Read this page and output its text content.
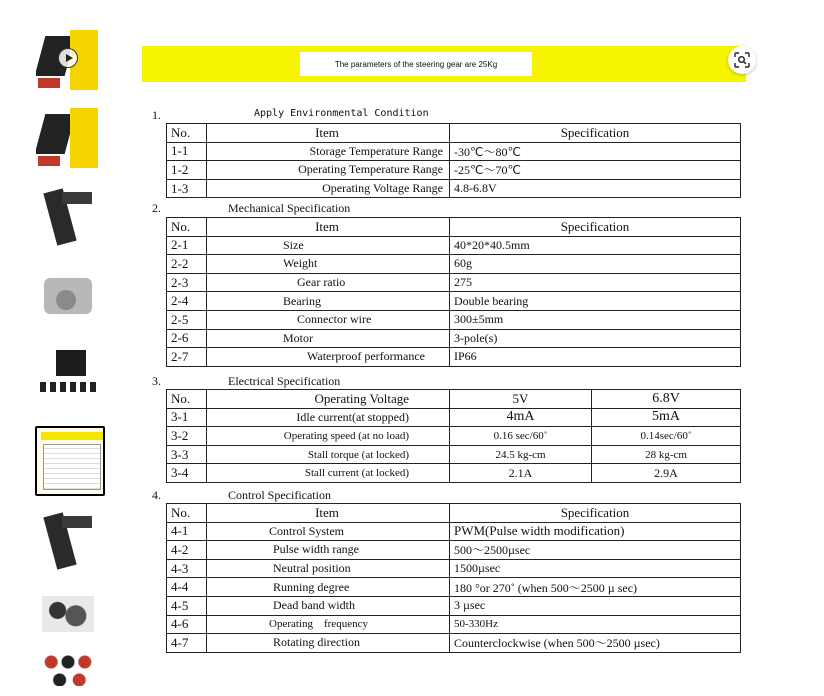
The parameters of the steering gear are 25Kg
1.	Apply Environmental Condition
No.	Item	Specification
1-1	Storage Temperature Range	-30℃～80℃
1-2	Operating Temperature Range	-25℃～70℃
1-3	Operating Voltage Range	4.8-6.8V
2.	Mechanical Specification
No.	Item	Specification
2-1	Size	40*20*40.5mm
2-2	Weight	60g
2-3	Gear ratio	275
2-4	Bearing	Double bearing
2-5	Connector wire	300±5mm
2-6	Motor	3-pole(s)
2-7	Waterproof performance	IP66
3.	Electrical Specification
No.	Operating Voltage	5V	6.8V
3-1	Idle current(at stopped)	4mA	5mA
3-2	Operating speed (at no load)	0.16 sec/60˚	0.14sec/60˚
3-3	Stall torque (at locked)	24.5 kg-cm	28 kg-cm
3-4	Stall current (at locked)	2.1A	2.9A
4.	Control Specification
No.	Item	Specification
4-1	Control System	PWM(Pulse width modification)
4-2	Pulse width range	500～2500µsec
4-3	Neutral position	1500µsec
4-4	Running degree	180 °or 270˚ (when 500～2500 µ sec)
4-5	Dead band width	3 µsec
4-6	Operating    frequency	50-330Hz
4-7	Rotating direction	Counterclockwise (when 500～2500 µsec)
